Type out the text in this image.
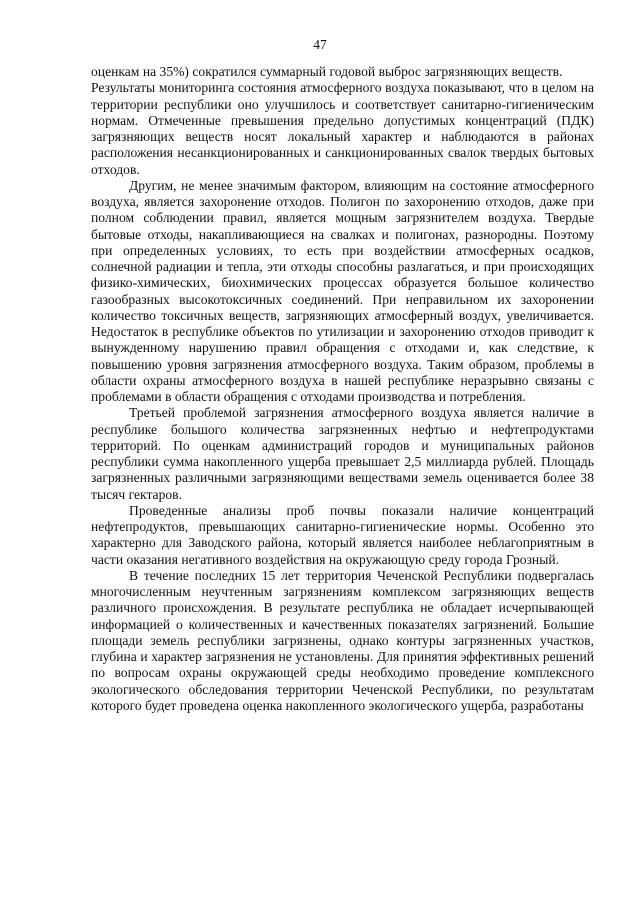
47

оценкам на 35%) сократился суммарный годовой выброс загрязняющих веществ.

Результаты мониторинга состояния атмосферного воздуха показывают, что в целом на территории республики оно улучшилось и соответствует санитарно-гигиеническим нормам. Отмеченные превышения предельно допустимых концентраций (ПДК) загрязняющих веществ носят локальный характер и наблюдаются в районах расположения несанкционированных и санкционированных свалок твердых бытовых отходов.

Другим, не менее значимым фактором, влияющим на состояние атмосферного воздуха, является захоронение отходов. Полигон по захоронению отходов, даже при полном соблюдении правил, является мощным загрязнителем воздуха. Твердые бытовые отходы, накапливающиеся на свалках и полигонах, разнородны. Поэтому при определенных условиях, то есть при воздействии атмосферных осадков, солнечной радиации и тепла, эти отходы способны разлагаться, и при происходящих физико-химических, биохимических процессах образуется большое количество газообразных высокотоксичных соединений. При неправильном их захоронении количество токсичных веществ, загрязняющих атмосферный воздух, увеличивается. Недостаток в республике объектов по утилизации и захоронению отходов приводит к вынужденному нарушению правил обращения с отходами и, как следствие, к повышению уровня загрязнения атмосферного воздуха. Таким образом, проблемы в области охраны атмосферного воздуха в нашей республике неразрывно связаны с проблемами в области обращения с отходами производства и потребления.

Третьей проблемой загрязнения атмосферного воздуха является наличие в республике большого количества загрязненных нефтью и нефтепродуктами территорий. По оценкам администраций городов и муниципальных районов республики сумма накопленного ущерба превышает 2,5 миллиарда рублей. Площадь загрязненных различными загрязняющими веществами земель оценивается более 38 тысяч гектаров.

Проведенные анализы проб почвы показали наличие концентраций нефтепродуктов, превышающих санитарно-гигиенические нормы. Особенно это характерно для Заводского района, который является наиболее неблагоприятным в части оказания негативного воздействия на окружающую среду города Грозный.

В течение последних 15 лет территория Чеченской Республики подвергалась многочисленным неучтенным загрязнениям комплексом загрязняющих веществ различного происхождения. В результате республика не обладает исчерпывающей информацией о количественных и качественных показателях загрязнений. Большие площади земель республики загрязнены, однако контуры загрязненных участков, глубина и характер загрязнения не установлены. Для принятия эффективных решений по вопросам охраны окружающей среды необходимо проведение комплексного экологического обследования территории Чеченской Республики, по результатам которого будет проведена оценка накопленного экологического ущерба, разработаны
